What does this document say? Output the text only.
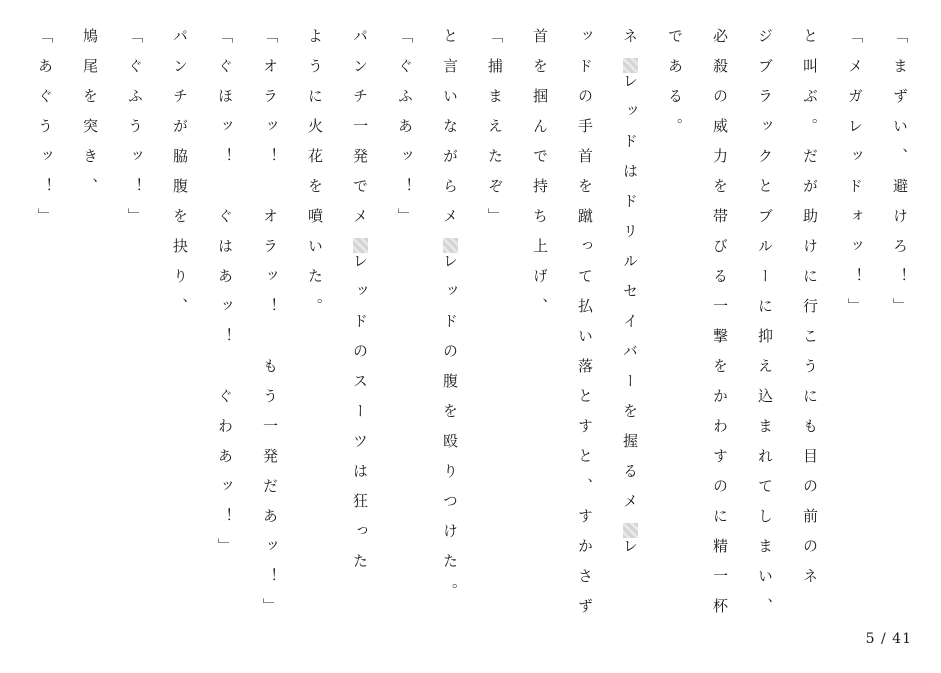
「まずい、避けろ！」
「メガレッドォッ！」
と叫ぶ。だが助けに行こうにも目の前のネ
ジブラックとブルーに抑え込まれてしまい、
必殺の威力を帯びる一撃をかわすのに精一杯
である。
ネレッドはドリルセイバーを握るメレ
ッドの手首を蹴って払い落とすと、すかさず
首を掴んで持ち上げ、
「捕まえたぞ」
と言いながらメレッドの腹を殴りつけた。
「ぐふあッ！」
パンチ一発でメレッドのスーツは狂った
ように火花を噴いた。
「オラッ！　オラッ！　もう一発だあッ！」
「ぐほッ！　ぐはあッ！　ぐわあッ！」
パンチが脇腹を抉り、
「ぐふうッ！」
鳩尾を突き、
「あぐうッ！」
5 / 41
